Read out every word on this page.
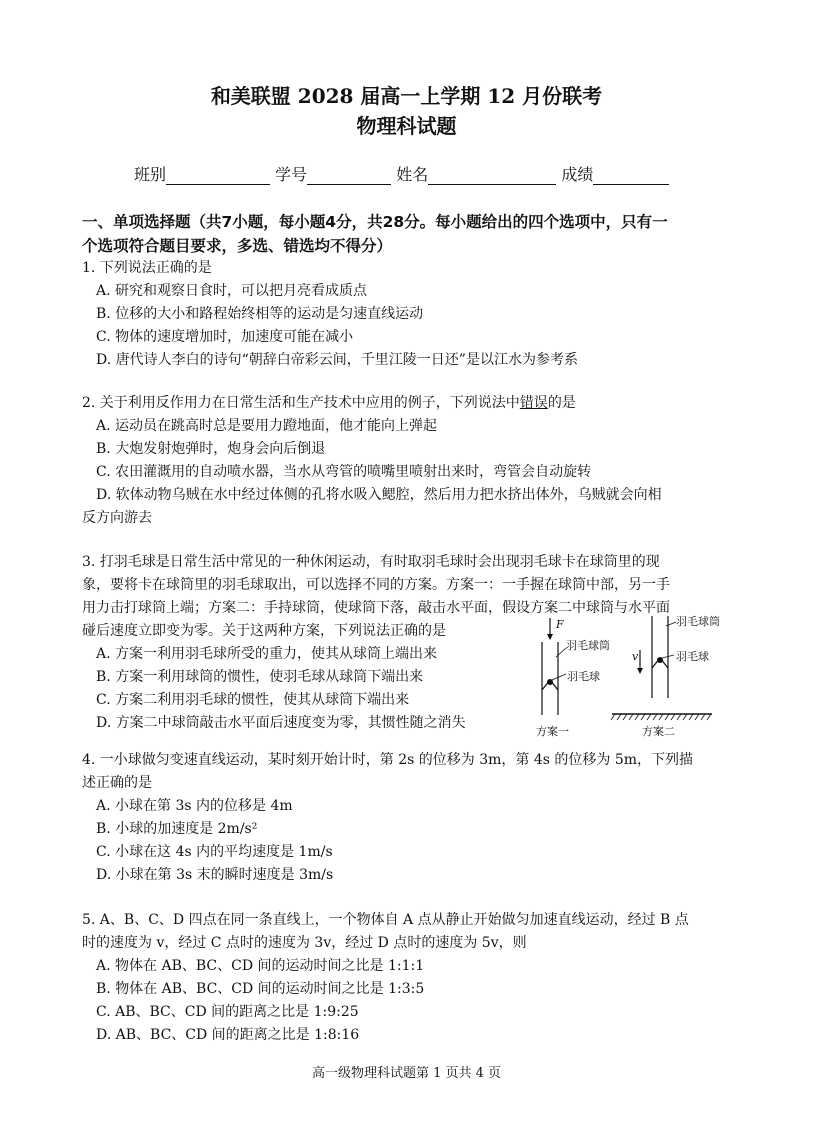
和美联盟 2028 届高一上学期 12 月份联考
物理科试题
班别	学号	姓名	成绩
一、单项选择题（共7小题，每小题4分，共28分。每小题给出的四个选项中，只有一
个选项符合题目要求，多选、错选均不得分）
1. 下列说法正确的是
A. 研究和观察日食时，可以把月亮看成质点
B. 位移的大小和路程始终相等的运动是匀速直线运动
C. 物体的速度增加时，加速度可能在减小
D. 唐代诗人李白的诗句“朝辞白帝彩云间，千里江陵一日还”是以江水为参考系
2. 关于利用反作用力在日常生活和生产技术中应用的例子，下列说法中错误的是
A. 运动员在跳高时总是要用力蹬地面，他才能向上弹起
B. 大炮发射炮弹时，炮身会向后倒退
C. 农田灌溉用的自动喷水器，当水从弯管的喷嘴里喷射出来时，弯管会自动旋转
D. 软体动物乌贼在水中经过体侧的孔将水吸入鳃腔，然后用力把水挤出体外，乌贼就会向相
反方向游去
3. 打羽毛球是日常生活中常见的一种休闲运动，有时取羽毛球时会出现羽毛球卡在球筒里的现
象，要将卡在球筒里的羽毛球取出，可以选择不同的方案。方案一：一手握在球筒中部，另一手
用力击打球筒上端；方案二：手持球筒，使球筒下落，敲击水平面，假设方案二中球筒与水平面
碰后速度立即变为零。关于这两种方案，下列说法正确的是
A. 方案一利用羽毛球所受的重力，使其从球筒上端出来
B. 方案一利用球筒的惯性，使羽毛球从球筒下端出来
C. 方案二利用羽毛球的惯性，使其从球筒下端出来
D. 方案二中球筒敲击水平面后速度变为零，其惯性随之消失
F
羽毛球筒
羽毛球
方案一
v
羽毛球筒
羽毛球
方案二
4. 一小球做匀变速直线运动，某时刻开始计时，第 2s 的位移为 3m，第 4s 的位移为 5m，下列描
述正确的是
A. 小球在第 3s 内的位移是 4m
B. 小球的加速度是 2m/s²
C. 小球在这 4s 内的平均速度是 1m/s
D. 小球在第 3s 末的瞬时速度是 3m/s
5. A、B、C、D 四点在同一条直线上，一个物体自 A 点从静止开始做匀加速直线运动，经过 B 点
时的速度为 v，经过 C 点时的速度为 3v，经过 D 点时的速度为 5v，则
A. 物体在 AB、BC、CD 间的运动时间之比是 1:1:1
B. 物体在 AB、BC、CD 间的运动时间之比是 1:3:5
C. AB、BC、CD 间的距离之比是 1:9:25
D. AB、BC、CD 间的距离之比是 1:8:16
高一级物理科试题第 1 页共 4 页
